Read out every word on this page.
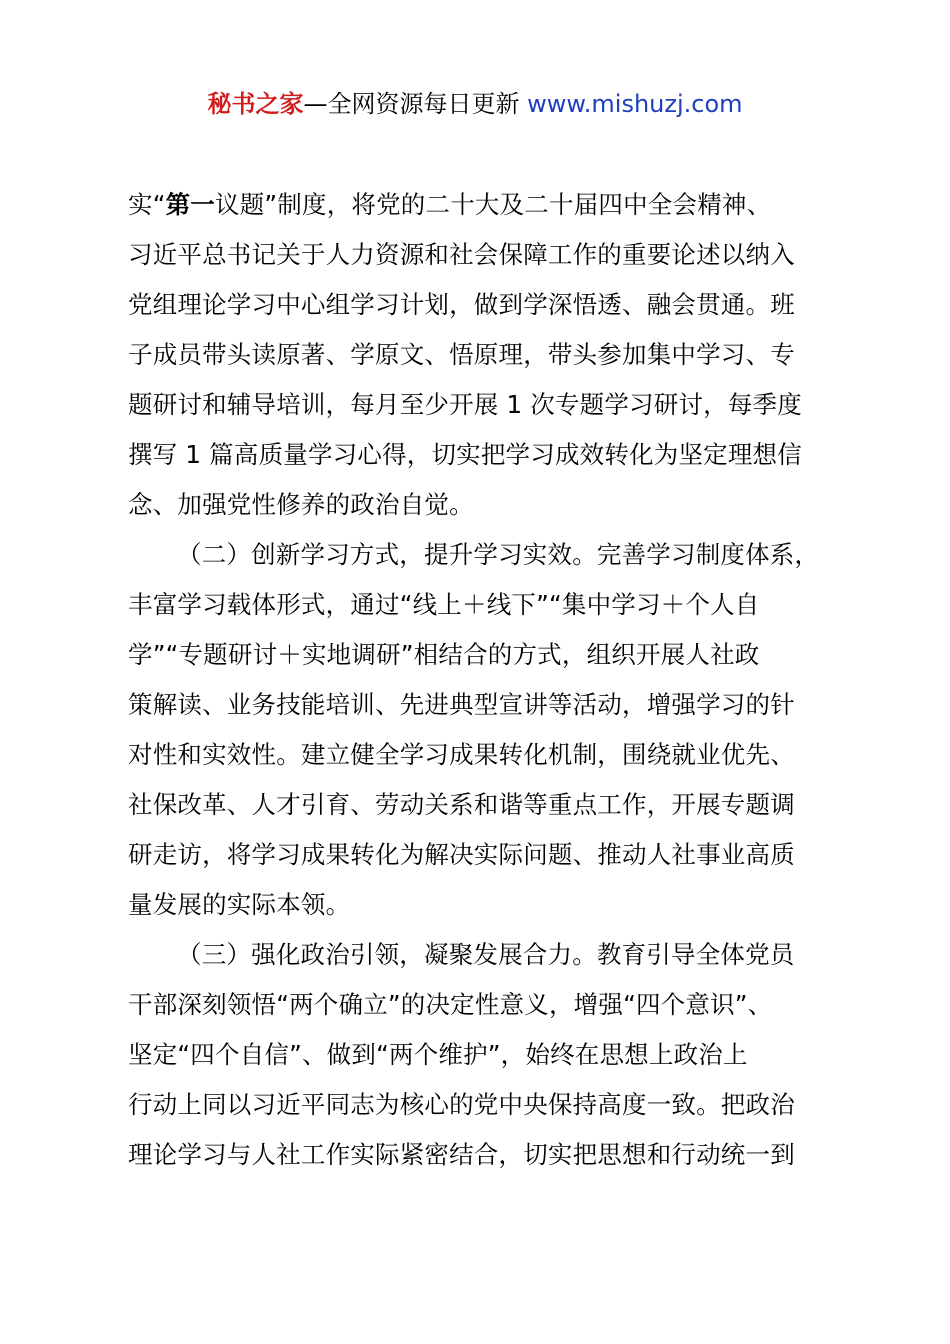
秘书之家—全网资源每日更新 www.mishuzj.com
实“第一议题”制度，将党的二十大及二十届四中全会精神、
习近平总书记关于人力资源和社会保障工作的重要论述以纳入
党组理论学习中心组学习计划，做到学深悟透、融会贯通。班
子成员带头读原著、学原文、悟原理，带头参加集中学习、专
题研讨和辅导培训，每月至少开展 1 次专题学习研讨，每季度
撰写 1 篇高质量学习心得，切实把学习成效转化为坚定理想信
念、加强党性修养的政治自觉。
（二）创新学习方式，提升学习实效。完善学习制度体系，
丰富学习载体形式，通过“线上＋线下”“集中学习＋个人自
学”“专题研讨＋实地调研”相结合的方式，组织开展人社政
策解读、业务技能培训、先进典型宣讲等活动，增强学习的针
对性和实效性。建立健全学习成果转化机制，围绕就业优先、
社保改革、人才引育、劳动关系和谐等重点工作，开展专题调
研走访，将学习成果转化为解决实际问题、推动人社事业高质
量发展的实际本领。
（三）强化政治引领，凝聚发展合力。教育引导全体党员
干部深刻领悟“两个确立”的决定性意义，增强“四个意识”、
坚定“四个自信”、做到“两个维护”，始终在思想上政治上
行动上同以习近平同志为核心的党中央保持高度一致。把政治
理论学习与人社工作实际紧密结合，切实把思想和行动统一到
